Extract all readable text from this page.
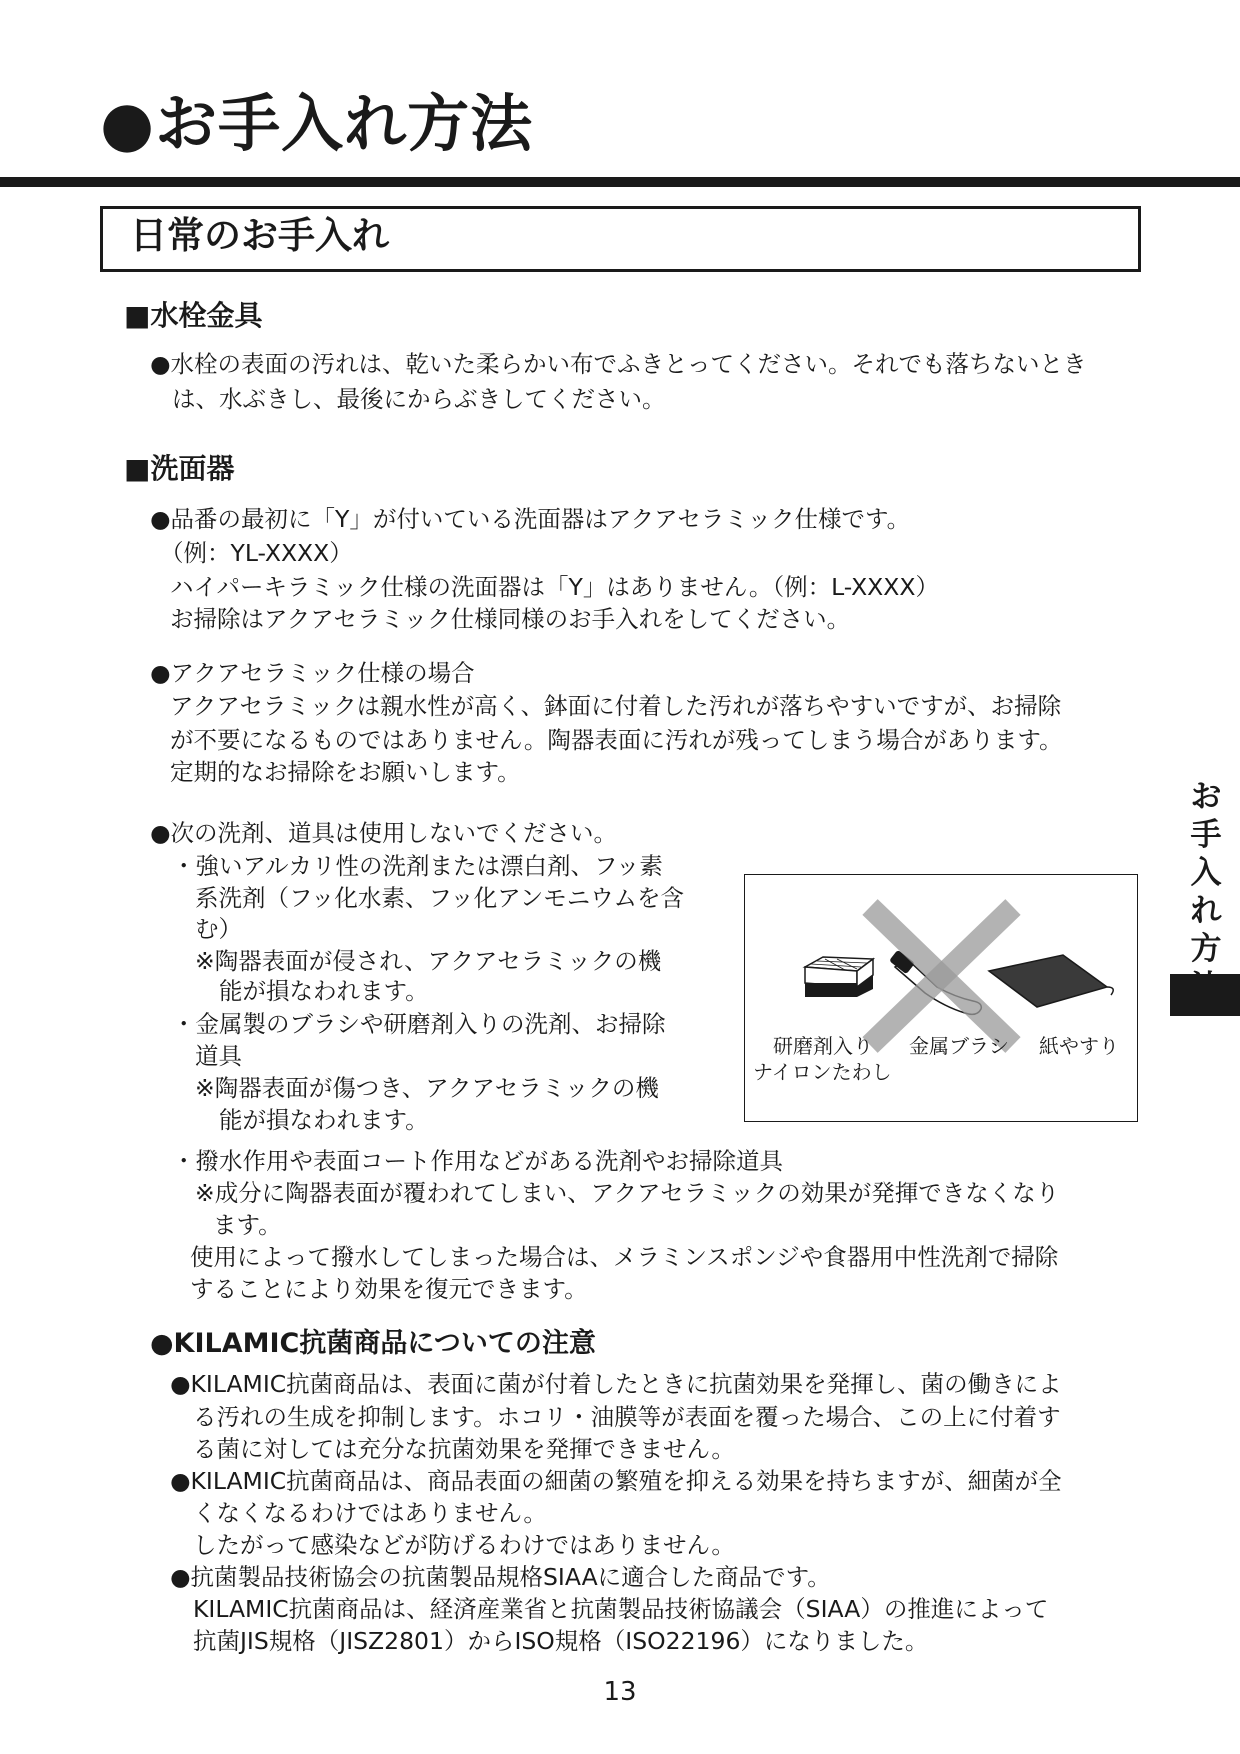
●お手入れ方法
日常のお手入れ
■水栓金具
●水栓の表面の汚れは、乾いた柔らかい布でふきとってください。それでも落ちないとき
は、水ぶきし、最後にからぶきしてください。
■洗面器
●品番の最初に「Y」が付いている洗面器はアクアセラミック仕様です。
（例：YL-XXXX）
ハイパーキラミック仕様の洗面器は「Y」はありません。（例：L-XXXX）
お掃除はアクアセラミック仕様同様のお手入れをしてください。
●アクアセラミック仕様の場合
アクアセラミックは親水性が高く、鉢面に付着した汚れが落ちやすいですが、お掃除
が不要になるものではありません。陶器表面に汚れが残ってしまう場合があります。
定期的なお掃除をお願いします。
●次の洗剤、道具は使用しないでください。
・強いアルカリ性の洗剤または漂白剤、フッ素
系洗剤（フッ化水素、フッ化アンモニウムを含
む）
※陶器表面が侵され、アクアセラミックの機
能が損なわれます。
・金属製のブラシや研磨剤入りの洗剤、お掃除
道具
※陶器表面が傷つき、アクアセラミックの機
能が損なわれます。
・撥水作用や表面コート作用などがある洗剤やお掃除道具
※成分に陶器表面が覆われてしまい、アクアセラミックの効果が発揮できなくなり
ます。
使用によって撥水してしまった場合は、メラミンスポンジや食器用中性洗剤で掃除
することにより効果を復元できます。
研磨剤入り
ナイロンたわし
金属ブラシ 紙やすり
●KILAMIC抗菌商品についての注意
●KILAMIC抗菌商品は、表面に菌が付着したときに抗菌効果を発揮し、菌の働きによ
る汚れの生成を抑制します。ホコリ・油膜等が表面を覆った場合、この上に付着す
る菌に対しては充分な抗菌効果を発揮できません。
●KILAMIC抗菌商品は、商品表面の細菌の繁殖を抑える効果を持ちますが、細菌が全
くなくなるわけではありません。
したがって感染などが防げるわけではありません。
●抗菌製品技術協会の抗菌製品規格SIAAに適合した商品です。
KILAMIC抗菌商品は、経済産業省と抗菌製品技術協議会（SIAA）の推進によって
抗菌JIS規格（JISZ2801）からISO規格（ISO22196）になりました。
お
手
入
れ
方
13
